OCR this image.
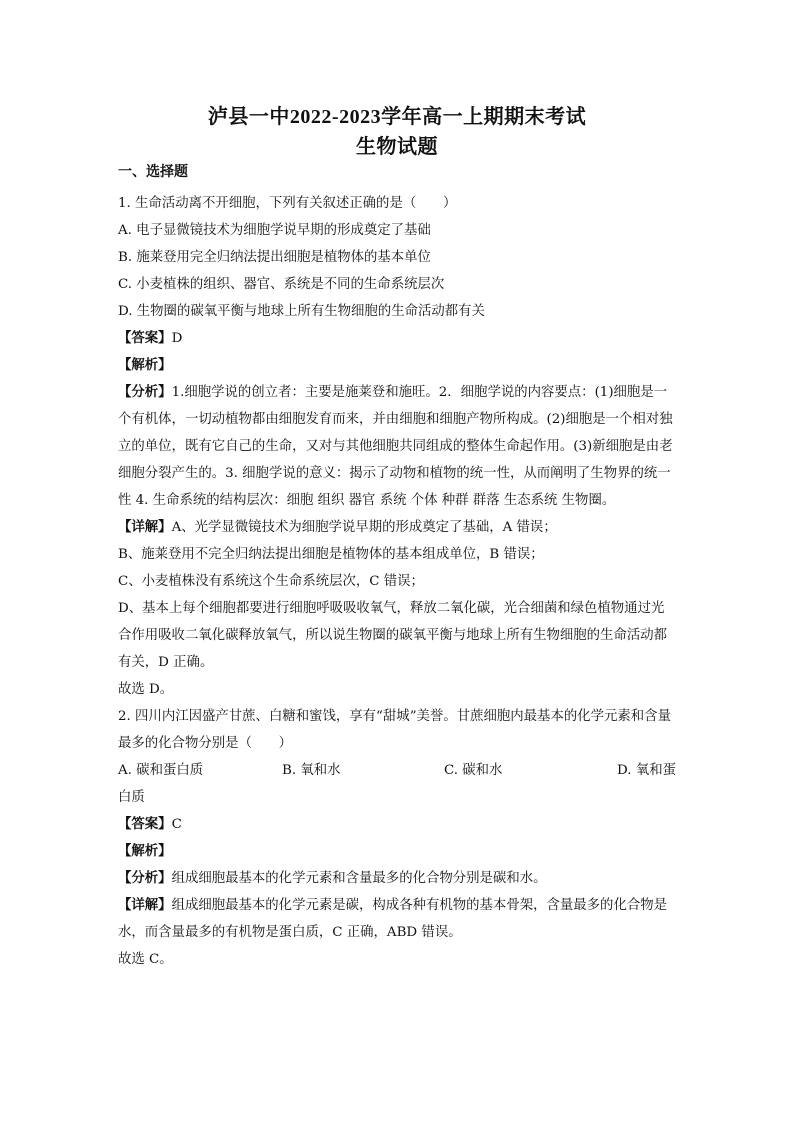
泸县一中2022-2023学年高一上期期末考试
生物试题
一、选择题

1. 生命活动离不开细胞，下列有关叙述正确的是（　　）

A. 电子显微镜技术为细胞学说早期的形成奠定了基础

B. 施莱登用完全归纳法提出细胞是植物体的基本单位

C. 小麦植株的组织、器官、系统是不同的生命系统层次

D. 生物圈的碳氧平衡与地球上所有生物细胞的生命活动都有关

【答案】D

【解析】

【分析】1.细胞学说的创立者：主要是施莱登和施旺。2．细胞学说的内容要点：(1)细胞是一个有机体，一切动植物都由细胞发育而来，并由细胞和细胞产物所构成。(2)细胞是一个相对独立的单位，既有它自己的生命，又对与其他细胞共同组成的整体生命起作用。(3)新细胞是由老细胞分裂产生的。3. 细胞学说的意义：揭示了动物和植物的统一性，从而阐明了生物界的统一性 4. 生命系统的结构层次：细胞 组织 器官 系统 个体 种群 群落 生态系统 生物圈。

【详解】A、光学显微镜技术为细胞学说早期的形成奠定了基础，A 错误；

B、施莱登用不完全归纳法提出细胞是植物体的基本组成单位，B 错误；

C、小麦植株没有系统这个生命系统层次，C 错误；

D、基本上每个细胞都要进行细胞呼吸吸收氧气，释放二氧化碳，光合细菌和绿色植物通过光合作用吸收二氧化碳释放氧气，所以说生物圈的碳氧平衡与地球上所有生物细胞的生命活动都有关，D 正确。

故选 D。

2. 四川内江因盛产甘蔗、白糖和蜜饯，享有“甜城”美誉。甘蔗细胞内最基本的化学元素和含量最多的化合物分别是（　　）

A. 碳和蛋白质	B. 氧和水	C. 碳和水	D. 氧和蛋

白质

【答案】C

【解析】

【分析】组成细胞最基本的化学元素和含量最多的化合物分别是碳和水。

【详解】组成细胞最基本的化学元素是碳，构成各种有机物的基本骨架，含量最多的化合物是水，而含量最多的有机物是蛋白质，C 正确，ABD 错误。

故选 C。
